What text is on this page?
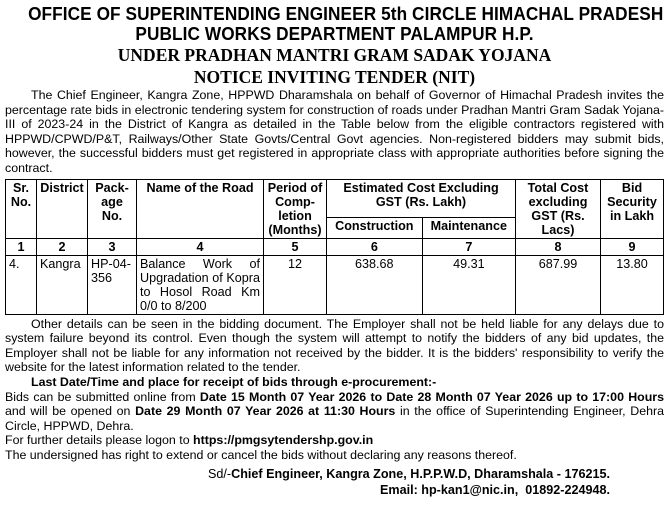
OFFICE OF SUPERINTENDING ENGINEER 5th CIRCLE HIMACHAL PRADESH
PUBLIC WORKS DEPARTMENT PALAMPUR H.P.
UNDER PRADHAN MANTRI GRAM SADAK YOJANA
NOTICE INVITING TENDER (NIT)
The Chief Engineer, Kangra Zone, HPPWD Dharamshala on behalf of Governor of Himachal Pradesh invites the percentage rate bids in electronic tendering system for construction of roads under Pradhan Mantri Gram Sadak Yojana-III of 2023-24 in the District of Kangra as detailed in the Table below from the eligible contractors registered with HPPWD/CPWD/P&T, Railways/Other State Govts/Central Govt agencies. Non-registered bidders may submit bids, however, the successful bidders must get registered in appropriate class with appropriate authorities before signing the contract.
Sr. No.	District	Pack- age No.	Name of the Road	Period of Comp- letion (Months)	Estimated Cost Excluding GST (Rs. Lakh)		Total Cost excluding GST (Rs. Lacs)	Bid Security in Lakh
					Construction	Maintenance		
1	2	3	4	5	6	7	8	9
4.	Kangra	HP-04-356	Balance Work of Upgradation of Kopra to Hosol Road Km 0/0 to 8/200	12	638.68	49.31	687.99	13.80
Other details can be seen in the bidding document. The Employer shall not be held liable for any delays due to system failure beyond its control. Even though the system will attempt to notify the bidders of any bid updates, the Employer shall not be liable for any information not received by the bidder. It is the bidders' responsibility to verify the website for the latest information related to the tender.
Last Date/Time and place for receipt of bids through e-procurement:-
Bids can be submitted online from Date 15 Month 07 Year 2026 to Date 28 Month 07 Year 2026 up to 17:00 Hours and will be opened on Date 29 Month 07 Year 2026 at 11:30 Hours in the office of Superintending Engineer, Dehra Circle, HPPWD, Dehra.
For further details please logon to https://pmgsytendershp.gov.in
The undersigned has right to extend or cancel the bids without declaring any reasons thereof.
Sd/-Chief Engineer, Kangra Zone, H.P.P.W.D, Dharamshala - 176215.
Email: hp-kan1@nic.in, 01892-224948.
